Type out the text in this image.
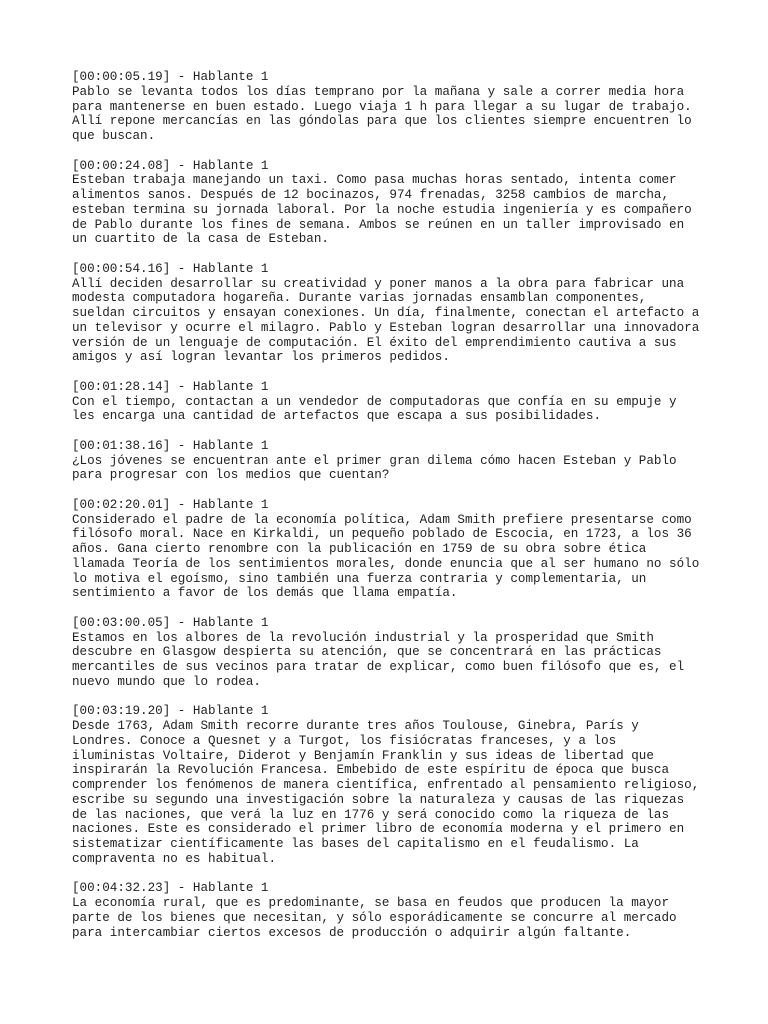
[00:00:05.19] - Hablante 1
Pablo se levanta todos los días temprano por la mañana y sale a correr media hora
para mantenerse en buen estado. Luego viaja 1 h para llegar a su lugar de trabajo.
Allí repone mercancías en las góndolas para que los clientes siempre encuentren lo
que buscan.
[00:00:24.08] - Hablante 1
Esteban trabaja manejando un taxi. Como pasa muchas horas sentado, intenta comer
alimentos sanos. Después de 12 bocinazos, 974 frenadas, 3258 cambios de marcha,
esteban termina su jornada laboral. Por la noche estudia ingeniería y es compañero
de Pablo durante los fines de semana. Ambos se reúnen en un taller improvisado en
un cuartito de la casa de Esteban.
[00:00:54.16] - Hablante 1
Allí deciden desarrollar su creatividad y poner manos a la obra para fabricar una
modesta computadora hogareña. Durante varias jornadas ensamblan componentes,
sueldan circuitos y ensayan conexiones. Un día, finalmente, conectan el artefacto a
un televisor y ocurre el milagro. Pablo y Esteban logran desarrollar una innovadora
versión de un lenguaje de computación. El éxito del emprendimiento cautiva a sus
amigos y así logran levantar los primeros pedidos.
[00:01:28.14] - Hablante 1
Con el tiempo, contactan a un vendedor de computadoras que confía en su empuje y
les encarga una cantidad de artefactos que escapa a sus posibilidades.
[00:01:38.16] - Hablante 1
¿Los jóvenes se encuentran ante el primer gran dilema cómo hacen Esteban y Pablo
para progresar con los medios que cuentan?
[00:02:20.01] - Hablante 1
Considerado el padre de la economía política, Adam Smith prefiere presentarse como
filósofo moral. Nace en Kirkaldi, un pequeño poblado de Escocia, en 1723, a los 36
años. Gana cierto renombre con la publicación en 1759 de su obra sobre ética
llamada Teoría de los sentimientos morales, donde enuncia que al ser humano no sólo
lo motiva el egoísmo, sino también una fuerza contraria y complementaria, un
sentimiento a favor de los demás que llama empatía.
[00:03:00.05] - Hablante 1
Estamos en los albores de la revolución industrial y la prosperidad que Smith
descubre en Glasgow despierta su atención, que se concentrará en las prácticas
mercantiles de sus vecinos para tratar de explicar, como buen filósofo que es, el
nuevo mundo que lo rodea.
[00:03:19.20] - Hablante 1
Desde 1763, Adam Smith recorre durante tres años Toulouse, Ginebra, París y
Londres. Conoce a Quesnet y a Turgot, los fisiócratas franceses, y a los
iluministas Voltaire, Diderot y Benjamín Franklin y sus ideas de libertad que
inspirarán la Revolución Francesa. Embebido de este espíritu de época que busca
comprender los fenómenos de manera científica, enfrentado al pensamiento religioso,
escribe su segundo una investigación sobre la naturaleza y causas de las riquezas
de las naciones, que verá la luz en 1776 y será conocido como la riqueza de las
naciones. Este es considerado el primer libro de economía moderna y el primero en
sistematizar científicamente las bases del capitalismo en el feudalismo. La
compraventa no es habitual.
[00:04:32.23] - Hablante 1
La economía rural, que es predominante, se basa en feudos que producen la mayor
parte de los bienes que necesitan, y sólo esporádicamente se concurre al mercado
para intercambiar ciertos excesos de producción o adquirir algún faltante.
